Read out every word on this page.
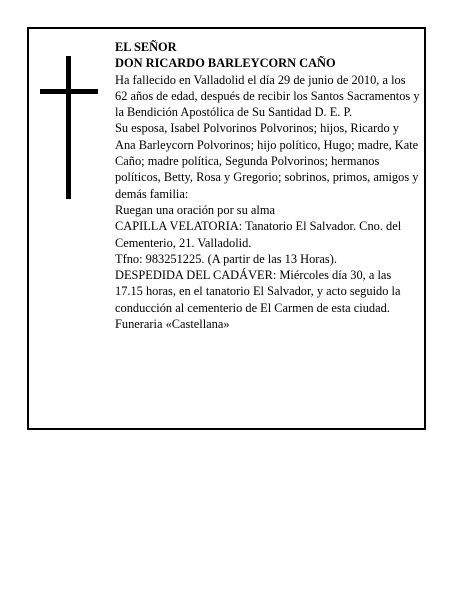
EL SEÑOR

DON RICARDO BARLEYCORN CAÑO

Ha fallecido en Valladolid el día 29 de junio de 2010, a los 62 años de edad, después de recibir los Santos Sacramentos y la Bendición Apostólica de Su Santidad D. E. P.

Su esposa, Isabel Polvorinos Polvorinos; hijos, Ricardo y Ana Barleycorn Polvorinos; hijo político, Hugo; madre, Kate Caño; madre política, Segunda Polvorinos; hermanos políticos, Betty, Rosa y Gregorio; sobrinos, primos, amigos y demás familia:

Ruegan una oración por su alma

CAPILLA VELATORIA: Tanatorio El Salvador. Cno. del Cementerio, 21. Valladolid.

Tfno: 983251225. (A partir de las 13 Horas).

DESPEDIDA DEL CADÁVER: Miércoles día 30, a las 17.15 horas, en el tanatorio El Salvador, y acto seguido la conducción al cementerio de El Carmen de esta ciudad.

Funeraria «Castellana»
